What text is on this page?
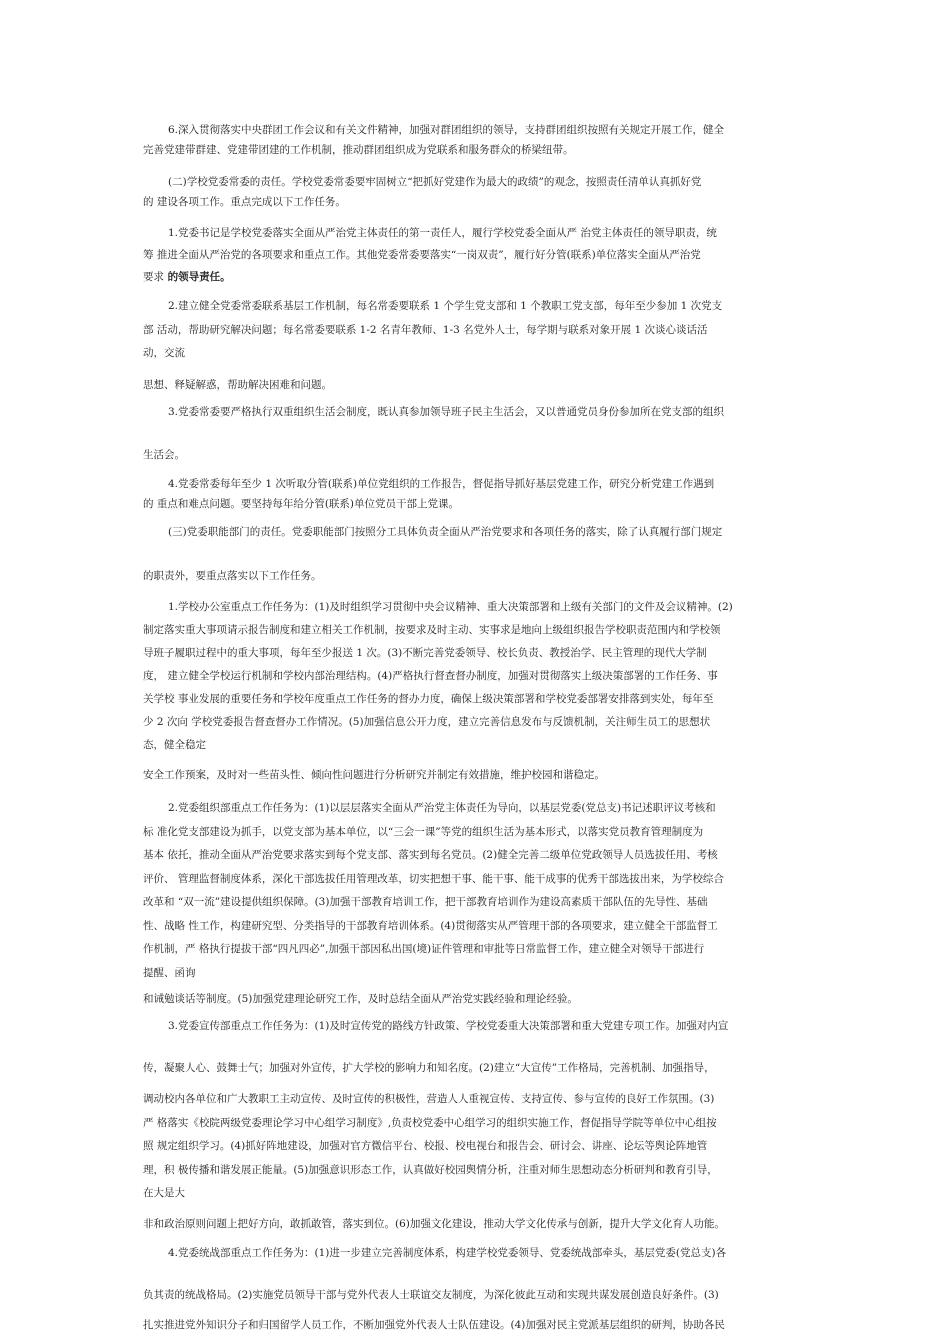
6.深入贯彻落实中央群团工作会议和有关文件精神，加强对群团组织的领导，支持群团组织按照有关规定开展工作，健全
完善党建带群建、党建带团建的工作机制，推动群团组织成为党联系和服务群众的桥梁纽带。
(二)学校党委常委的责任。学校党委常委要牢固树立“把抓好党建作为最大的政绩”的观念，按照责任清单认真抓好党
的 建设各项工作。重点完成以下工作任务。
1.党委书记是学校党委落实全面从严治党主体责任的第一责任人，履行学校党委全面从严 治党主体责任的领导职责，统
筹 推进全面从严治党的各项要求和重点工作。其他党委常委要落实“一岗双责”，履行好分管(联系)单位落实全面从严治党
要求 的领导责任。
2.建立健全党委常委联系基层工作机制，每名常委要联系 1 个学生党支部和 1 个教职工党支部，每年至少参加 1 次党支
部 活动，帮助研究解决问题；每名常委要联系 1-2 名青年教师、1-3 名党外人士，每学期与联系对象开展 1 次谈心谈话活
动，交流
思想、释疑解惑，帮助解决困难和问题。
3.党委常委要严格执行双重组织生活会制度，既认真参加领导班子民主生活会，又以普通党员身份参加所在党支部的组织
生活会。
4.党委常委每年至少 1 次听取分管(联系)单位党组织的工作报告，督促指导抓好基层党建工作，研究分析党建工作遇到
的 重点和难点问题。要坚持每年给分管(联系)单位党员干部上党课。
(三)党委职能部门的责任。党委职能部门按照分工具体负责全面从严治党要求和各项任务的落实，除了认真履行部门规定
的职责外，要重点落实以下工作任务。
1.学校办公室重点工作任务为：(1)及时组织学习贯彻中央会议精神、重大决策部署和上级有关部门的文件及会议精神。(2)
制定落实重大事项请示报告制度和建立相关工作机制，按要求及时主动、实事求是地向上级组织报告学校职责范围内和学校领
导班子履职过程中的重大事项，每年至少报送 1 次。(3)不断完善党委领导、校长负责、教授治学、民主管理的现代大学制
度， 建立健全学校运行机制和学校内部治理结构。(4)严格执行督查督办制度，加强对贯彻落实上级决策部署的工作任务、事
关学校 事业发展的重要任务和学校年度重点工作任务的督办力度，确保上级决策部署和学校党委部署安排落到实处，每年至
少 2 次向 学校党委报告督查督办工作情况。(5)加强信息公开力度，建立完善信息发布与反馈机制，关注师生员工的思想状
态，健全稳定
安全工作预案，及时对一些苗头性、倾向性问题进行分析研究并制定有效措施，维护校园和谐稳定。
2.党委组织部重点工作任务为：(1)以层层落实全面从严治党主体责任为导向，以基层党委(党总支)书记述职评议考核和
标 准化党支部建设为抓手，以党支部为基本单位，以“三会一课”等党的组织生活为基本形式，以落实党员教育管理制度为
基本 依托，推动全面从严治党要求落实到每个党支部、落实到每名党员。(2)健全完善二级单位党政领导人员选拔任用、考核
评价、 管理监督制度体系，深化干部选拔任用管理改革，切实把想干事、能干事、能干成事的优秀干部选拔出来，为学校综合
改革和 “双一流”建设提供组织保障。(3)加强干部教育培训工作，把干部教育培训作为建设高素质干部队伍的先导性、基础
性、战略 性工作，构建研究型、分类指导的干部教育培训体系。(4)贯彻落实从严管理干部的各项要求，建立健全干部监督工
作机制，严 格执行提拔干部“四凡四必”,加强干部因私出国(境)证件管理和审批等日常监督工作，建立健全对领导干部进行
提醒、函询
和诫勉谈话等制度。(5)加强党建理论研究工作，及时总结全面从严治党实践经验和理论经验。
3.党委宣传部重点工作任务为：(1)及时宣传党的路线方针政策、学校党委重大决策部署和重大党建专项工作。加强对内宣
传，凝聚人心、鼓舞士气；加强对外宣传，扩大学校的影响力和知名度。(2)建立“大宣传”工作格局，完善机制、加强指导，
调动校内各单位和广大教职工主动宣传、及时宣传的积极性，营造人人重视宣传、支持宣传、参与宣传的良好工作氛围。(3)
严 格落实《校院两级党委理论学习中心组学习制度》,负责校党委中心组学习的组织实施工作，督促指导学院等单位中心组按
照 规定组织学习。(4)抓好阵地建设，加强对官方微信平台、校报、校电视台和报告会、研讨会、讲座、论坛等舆论阵地管
理，积 极传播和谐发展正能量。(5)加强意识形态工作，认真做好校园舆情分析，注重对师生思想动态分析研判和教育引导，
在大是大
非和政治原则问题上把好方向，敢抓敢管，落实到位。(6)加强文化建设，推动大学文化传承与创新，提升大学文化育人功能。
4.党委统战部重点工作任务为：(1)进一步建立完善制度体系，构建学校党委领导、党委统战部牵头，基层党委(党总支)各
负其责的统战格局。(2)实施党员领导干部与党外代表人士联谊交友制度，为深化彼此互动和实现共谋发展创造良好条件。(3)
扎实推进党外知识分子和归国留学人员工作，不断加强党外代表人士队伍建设。(4)加强对民主党派基层组织的研判，协助各民
